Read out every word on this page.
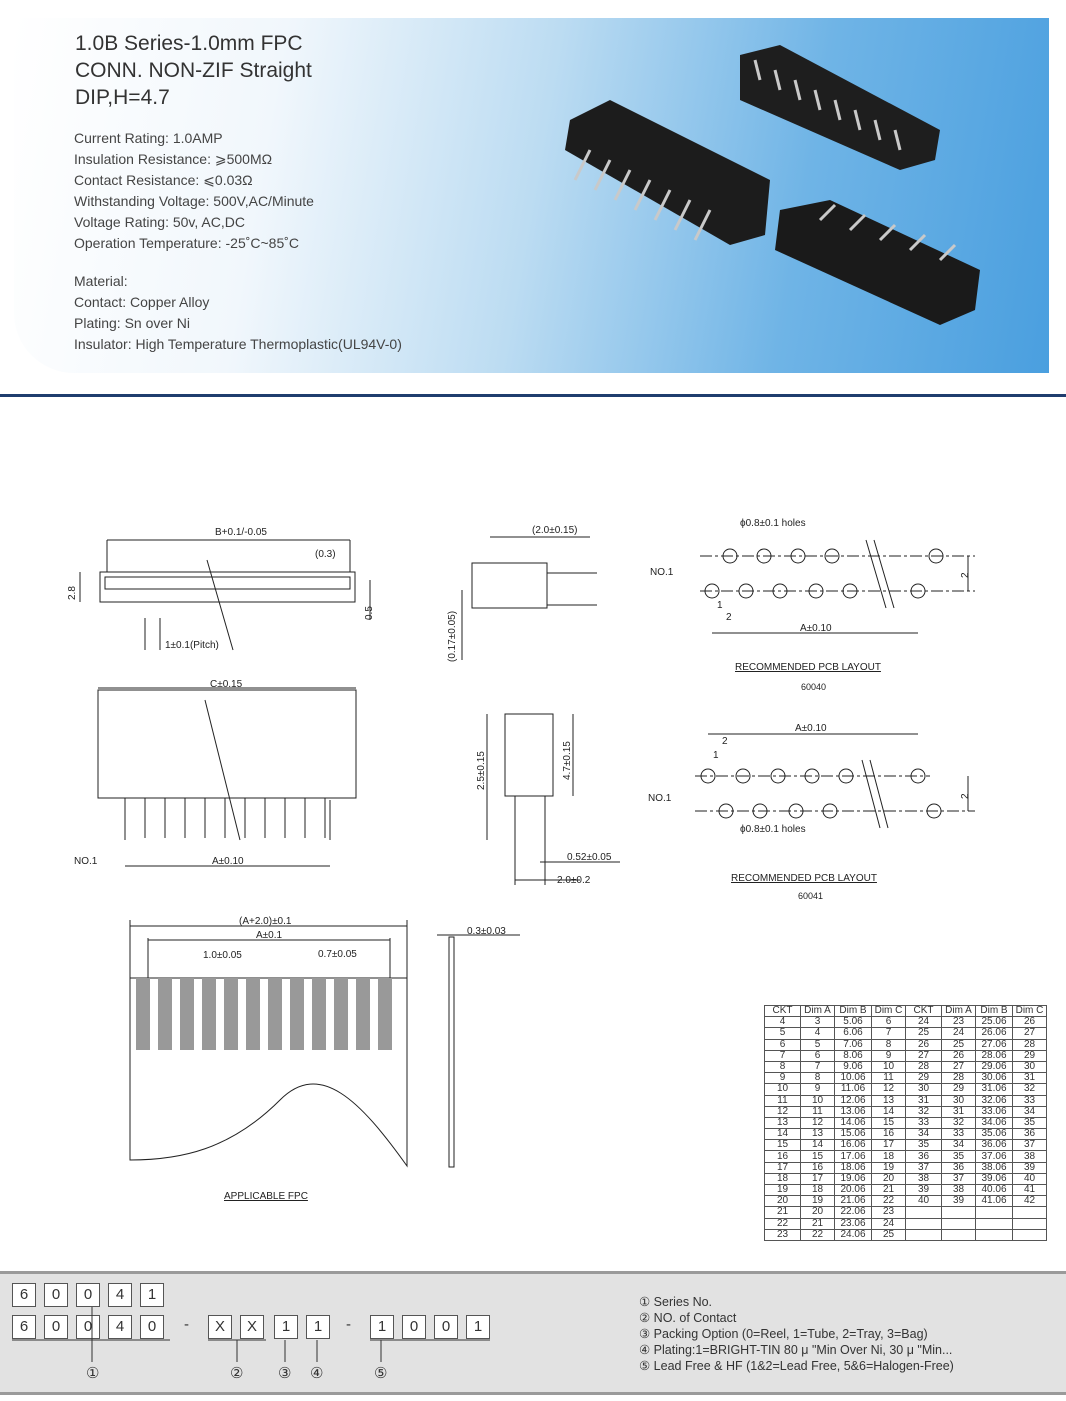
1.0B Series-1.0mm FPC
CONN. NON-ZIF Straight
DIP,H=4.7
Current Rating: 1.0AMP
Insulation Resistance: ⩾500MΩ
Contact Resistance: ⩽0.03Ω
Withstanding Voltage: 500V,AC/Minute
Voltage Rating: 50v, AC,DC
Operation Temperature: -25˚C~85˚C
Material:
Contact: Copper Alloy
Plating: Sn over Ni
Insulator: High Temperature Thermoplastic(UL94V-0)
B+0.1/-0.05
(0.3)
2.8
0.5
1±0.1(Pitch)
(2.0±0.15)
(0.17±0.05)
C±0.15
NO.1	A±0.10
2.5±0.15	4.7±0.15
0.52±0.05
2.0±0.2
ϕ0.8±0.1 holes
NO.1
1
2
2
A±0.10
RECOMMENDED PCB LAYOUT
60040
A±0.10
2
1
NO.1	2
ϕ0.8±0.1 holes
RECOMMENDED PCB LAYOUT
60041
(A+2.0)±0.1
A±0.1
1.0±0.05	0.7±0.05
0.3±0.03
APPLICABLE FPC
CKT	Dim A	Dim B	Dim C	CKT	Dim A	Dim B	Dim C
4	3	5.06	6	24	23	25.06	26
5	4	6.06	7	25	24	26.06	27
6	5	7.06	8	26	25	27.06	28
7	6	8.06	9	27	26	28.06	29
8	7	9.06	10	28	27	29.06	30
9	8	10.06	11	29	28	30.06	31
10	9	11.06	12	30	29	31.06	32
11	10	12.06	13	31	30	32.06	33
12	11	13.06	14	32	31	33.06	34
13	12	14.06	15	33	32	34.06	35
14	13	15.06	16	34	33	35.06	36
15	14	16.06	17	35	34	36.06	37
16	15	17.06	18	36	35	37.06	38
17	16	18.06	19	37	36	38.06	39
18	17	19.06	20	38	37	39.06	40
19	18	20.06	21	39	38	40.06	41
20	19	21.06	22	40	39	41.06	42
21	20	22.06	23				
22	21	23.06	24				
23	22	24.06	25				
6	0	0	4	1
6	0	0	4	0	-	X	X	1	1	-	1	0	0	1
①	② ③ ④	⑤
① Series No.
② NO. of Contact
③ Packing Option (0=Reel, 1=Tube, 2=Tray, 3=Bag)
④ Plating:1=BRIGHT-TIN 80 μ "Min Over Ni, 30 μ "Min...
⑤ Lead Free & HF (1&2=Lead Free, 5&6=Halogen-Free)
